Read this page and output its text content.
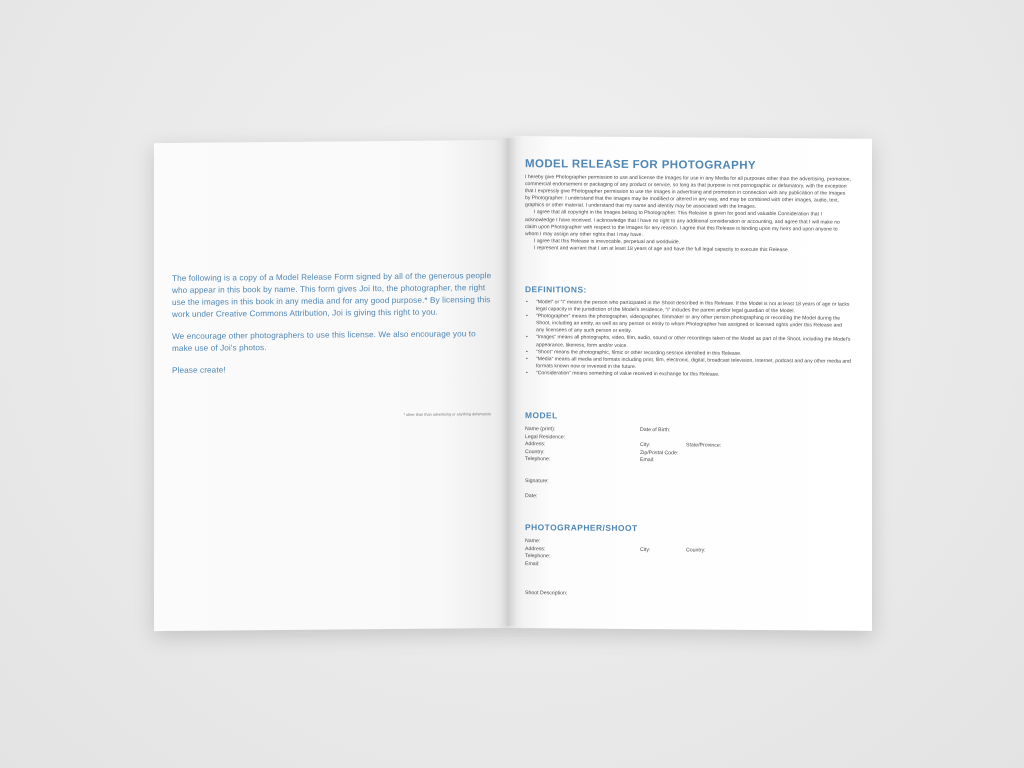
The following is a copy of a Model Release Form signed by all of the generous people who appear in this book by name. This form gives Joi Ito, the photographer, the right use the images in this book in any media and for any good purpose.* By licensing this work under Creative Commons Attribution, Joi is giving this right to you.

We encourage other photographers to use this license. We also encourage you to make use of Joi's photos.

Please create!

* other than than advertising or anything defamatory
MODEL RELEASE FOR PHOTOGRAPHY

I hereby give Photographer permission to use and license the Images for use in any Media for all purposes other than the advertising, promotion, commercial endorsement or packaging of any product or service, so long as that purpose is not pornographic or defamatory, with the exception that I expressly give Photographer permission to use the Images in advertising and promotion in connection with any publication of the Images by Photographer. I understand that the Images may be modified or altered in any way, and may be combined with other images, audio, text, graphics or other material. I understand that my name and identity may be associated with the Images.

I agree that all copyright in the Images belong to Photographer. This Release is given for good and valuable Consideration that I acknowledge I have received. I acknowledge that I have no right to any additional consideration or accounting, and agree that I will make no claim upon Photographer with respect to the Images for any reason. I agree that this Release is binding upon my heirs and upon anyone to whom I may assign any other rights that I may have.

I agree that this Release is irrevocable, perpetual and worldwide.

I represent and warrant that I am at least 18 years of age and have the full legal capacity to execute this Release.

DEFINITIONS:
• “Model” or “I” means the person who participated in the Shoot described in this Release. If the Model is not at least 18 years of age or lacks legal capacity in the jurisdiction of the Model's residence, “I” includes the parent and/or legal guardian of the Model.
• “Photographer” means the photographer, videographer, filmmaker or any other person photographing or recording the Model during the Shoot, including an entity, as well as any person or entity to whom Photographer has assigned or licensed rights under this Release and any licensees of any such person or entity.
• “Images” means all photographs, video, film, audio, sound or other recordings taken of the Model as part of the Shoot, including the Model's appearance, likeness, form and/or voice.
• “Shoot” means the photographic, filmic or other recording session identified in this Release.
• “Media” means all media and formats including print, film, electronic, digital, broadcast television, Internet, podcast and any other media and formats known now or invented in the future.
• “Consideration” means something of value received in exchange for this Release.
MODEL
Name (print):	Date of Birth:
Legal Residence:
Address:	City:	State/Province:
Country:	Zip/Postal Code:
Telephone:	Email:
Signature:
Date:
PHOTOGRAPHER/SHOOT
Name:
Address:	City:	Country:
Telephone:
Email:
Shoot Description:
